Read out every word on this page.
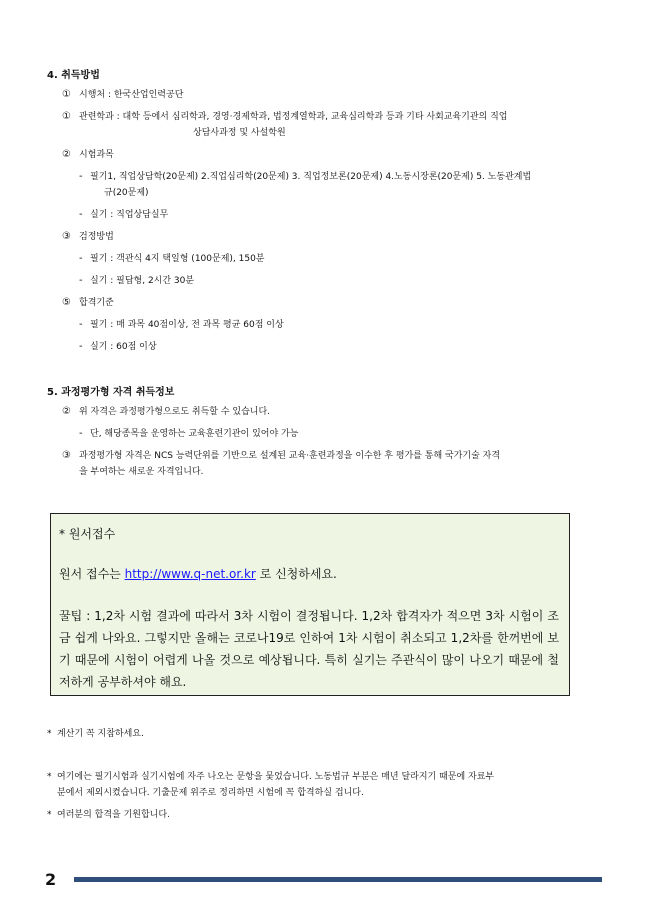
4. 취득방법
① 시행처 : 한국산업인력공단
① 관련학과 : 대학 등에서 심리학과, 경영·경제학과, 법정계열학과, 교육심리학과 등과 기타 사회교육기관의 직업
상담사과정 및 사설학원
② 시험과목
- 필기1, 직업상담학(20문제) 2.직업심리학(20문제) 3. 직업정보론(20문제) 4.노동시장론(20문제) 5. 노동관계법
규(20문제)
- 실기 : 직업상담실무
③ 검정방법
- 필기 : 객관식 4지 택일형 (100문제), 150분
- 실기 : 필답형, 2시간 30분
⑤ 합격기준
- 필기 : 매 과목 40점이상, 전 과목 평균 60점 이상
- 실기 : 60점 이상
5. 과정평가형 자격 취득정보
② 위 자격은 과정평가형으로도 취득할 수 있습니다.
- 단, 해당종목을 운영하는 교육훈련기관이 있어야 가능
③ 과정평가형 자격은 NCS 능력단위를 기반으로 설계된 교육·훈련과정을 이수한 후 평가를 통해 국가기술 자격
을 부여하는 새로운 자격입니다.
* 원서접수
원서 접수는 http://www.q-net.or.kr 로 신청하세요.

꿀팁 : 1,2차 시험 결과에 따라서 3차 시험이 결정됩니다. 1,2차 합격자가 적으면 3차 시험이 조금 쉽게 나와요. 그렇지만 올해는 코로나19로 인하여 1차 시험이 취소되고 1,2차를 한꺼번에 보기 때문에 시험이 어렵게 나올 것으로 예상됩니다. 특히 실기는 주관식이 많이 나오기 때문에 철저하게 공부하셔야 해요.

* 계산기 꼭 지참하세요.
* 여기에는 필기시험과 실기시험에 자주 나오는 문항을 뭊었습니다. 노동법규 부분은 매년 달라지기 때문에 자료부
분에서 제외시켰습니다. 기출문제 위주로 정리하면 시험에 꼭 합격하실 겁니다.
* 여러분의 합격을 기원합니다.
2
